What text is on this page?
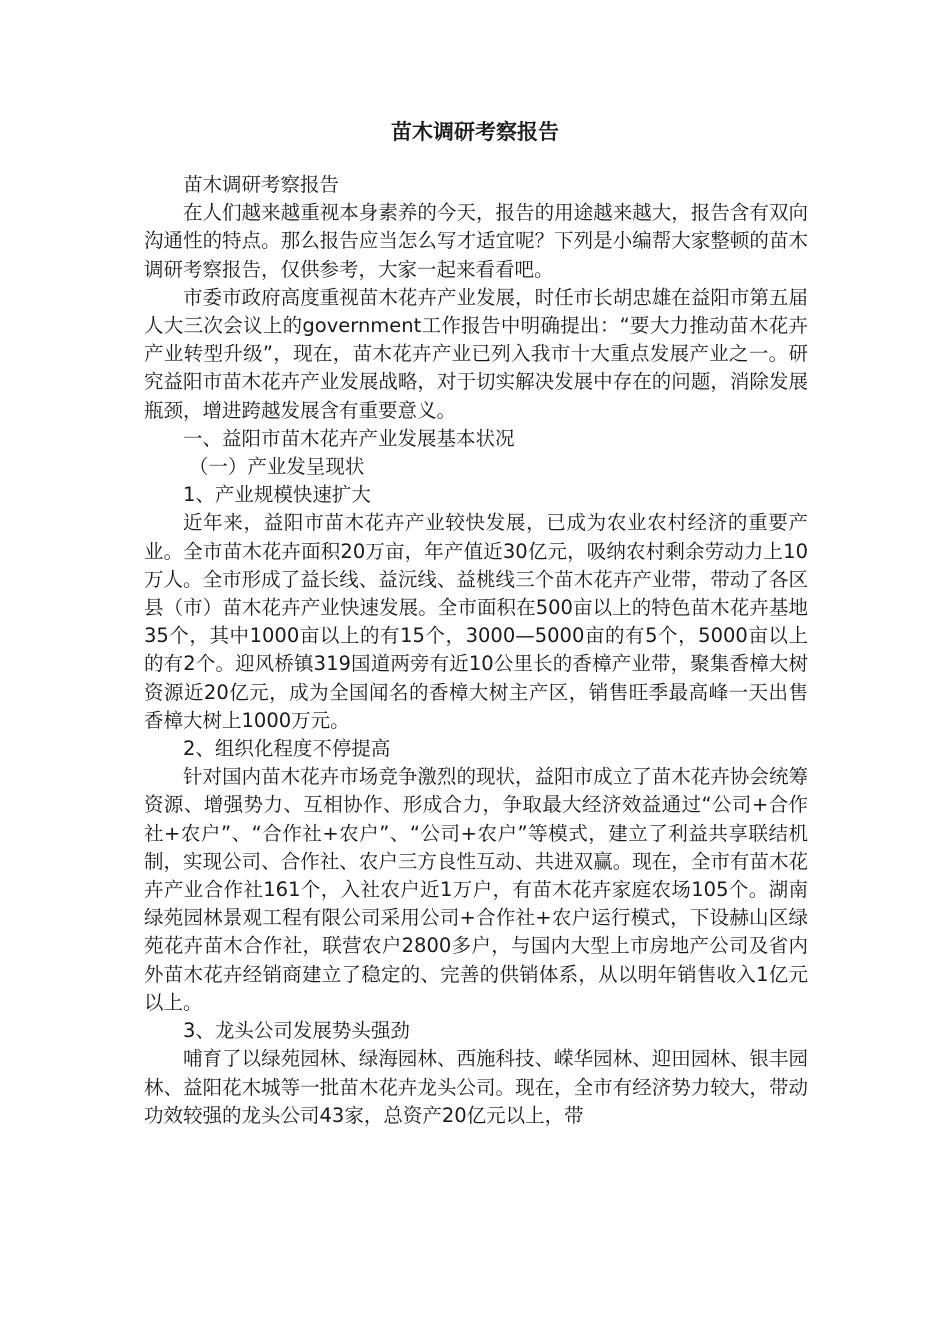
苗木调研考察报告

苗木调研考察报告

在人们越来越重视本身素养的今天，报告的用途越来越大，报告含有双向沟通性的特点。那么报告应当怎么写才适宜呢？下列是小编帮大家整顿的苗木调研考察报告，仅供参考，大家一起来看看吧。

市委市政府高度重视苗木花卉产业发展，时任市长胡忠雄在益阳市第五届人大三次会议上的government工作报告中明确提出：“要大力推动苗木花卉产业转型升级”，现在，苗木花卉产业已列入我市十大重点发展产业之一。研究益阳市苗木花卉产业发展战略，对于切实解决发展中存在的问题，消除发展瓶颈，增进跨越发展含有重要意义。

一、益阳市苗木花卉产业发展基本状况

（一）产业发呈现状

1、产业规模快速扩大

近年来，益阳市苗木花卉产业较快发展，已成为农业农村经济的重要产业。全市苗木花卉面积20万亩，年产值近30亿元，吸纳农村剩余劳动力上10万人。全市形成了益长线、益沅线、益桃线三个苗木花卉产业带，带动了各区县（市）苗木花卉产业快速发展。全市面积在500亩以上的特色苗木花卉基地35个，其中1000亩以上的有15个，3000—5000亩的有5个，5000亩以上的有2个。迎风桥镇319国道两旁有近10公里长的香樟产业带，聚集香樟大树资源近20亿元，成为全国闻名的香樟大树主产区，销售旺季最高峰一天出售香樟大树上1000万元。

2、组织化程度不停提高

针对国内苗木花卉市场竞争激烈的现状，益阳市成立了苗木花卉协会统筹资源、增强势力、互相协作、形成合力，争取最大经济效益通过“公司+合作社+农户”、“合作社+农户”、“公司+农户”等模式，建立了利益共享联结机制，实现公司、合作社、农户三方良性互动、共进双赢。现在，全市有苗木花卉产业合作社161个，入社农户近1万户，有苗木花卉家庭农场105个。湖南绿苑园林景观工程有限公司采用公司+合作社+农户运行模式，下设赫山区绿苑花卉苗木合作社，联营农户2800多户，与国内大型上市房地产公司及省内外苗木花卉经销商建立了稳定的、完善的供销体系，从以明年销售收入1亿元以上。

3、龙头公司发展势头强劲

哺育了以绿苑园林、绿海园林、西施科技、嵘华园林、迎田园林、银丰园林、益阳花木城等一批苗木花卉龙头公司。现在，全市有经济势力较大，带动功效较强的龙头公司43家，总资产20亿元以上，带
